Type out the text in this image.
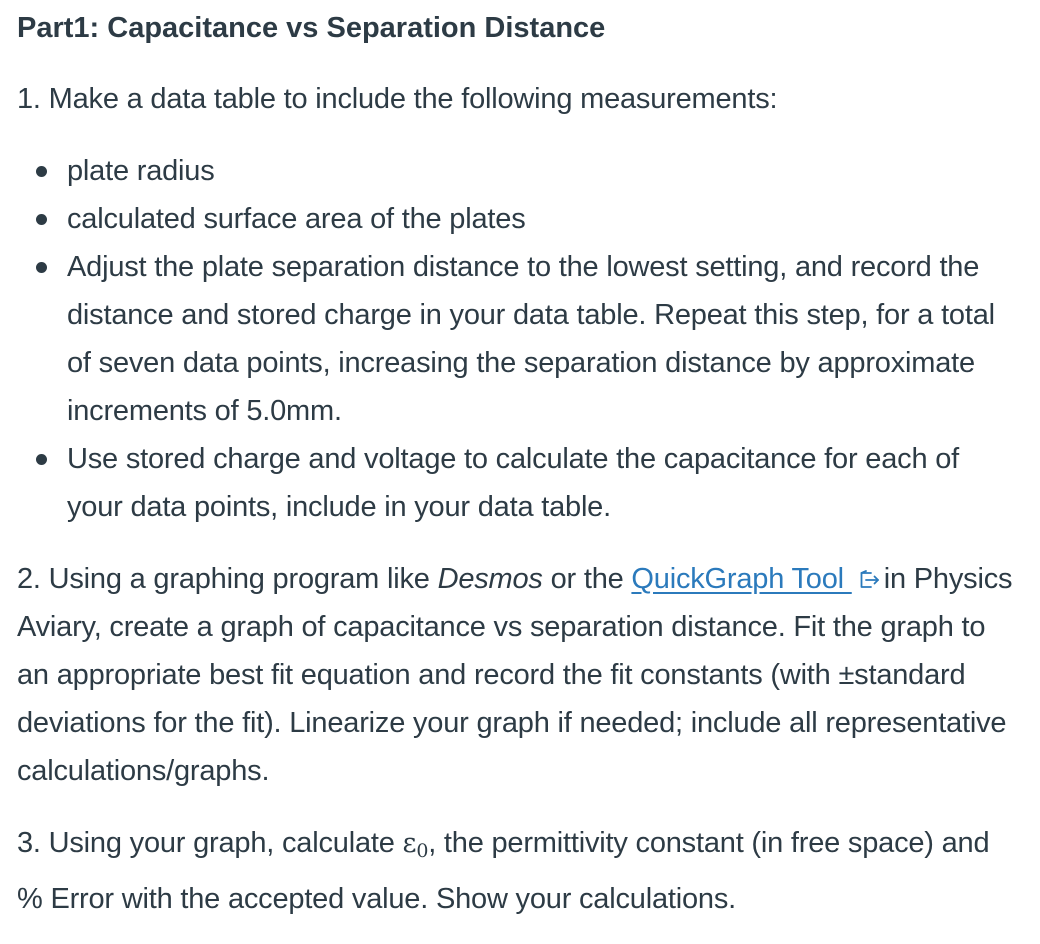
Part1: Capacitance vs Separation Distance

1. Make a data table to include the following measurements:

plate radius
calculated surface area of the plates
Adjust the plate separation distance to the lowest setting, and record the distance and stored charge in your data table. Repeat this step, for a total of seven data points, increasing the separation distance by approximate increments of 5.0mm.
Use stored charge and voltage to calculate the capacitance for each of your data points, include in your data table.

2. Using a graphing program like Desmos or the QuickGraph Tool in Physics Aviary, create a graph of capacitance vs separation distance. Fit the graph to an appropriate best fit equation and record the fit constants (with ±standard deviations for the fit). Linearize your graph if needed; include all representative calculations/graphs.

3. Using your graph, calculate $\varepsilon_0$, the permittivity constant (in free space) and % Error with the accepted value. Show your calculations.
